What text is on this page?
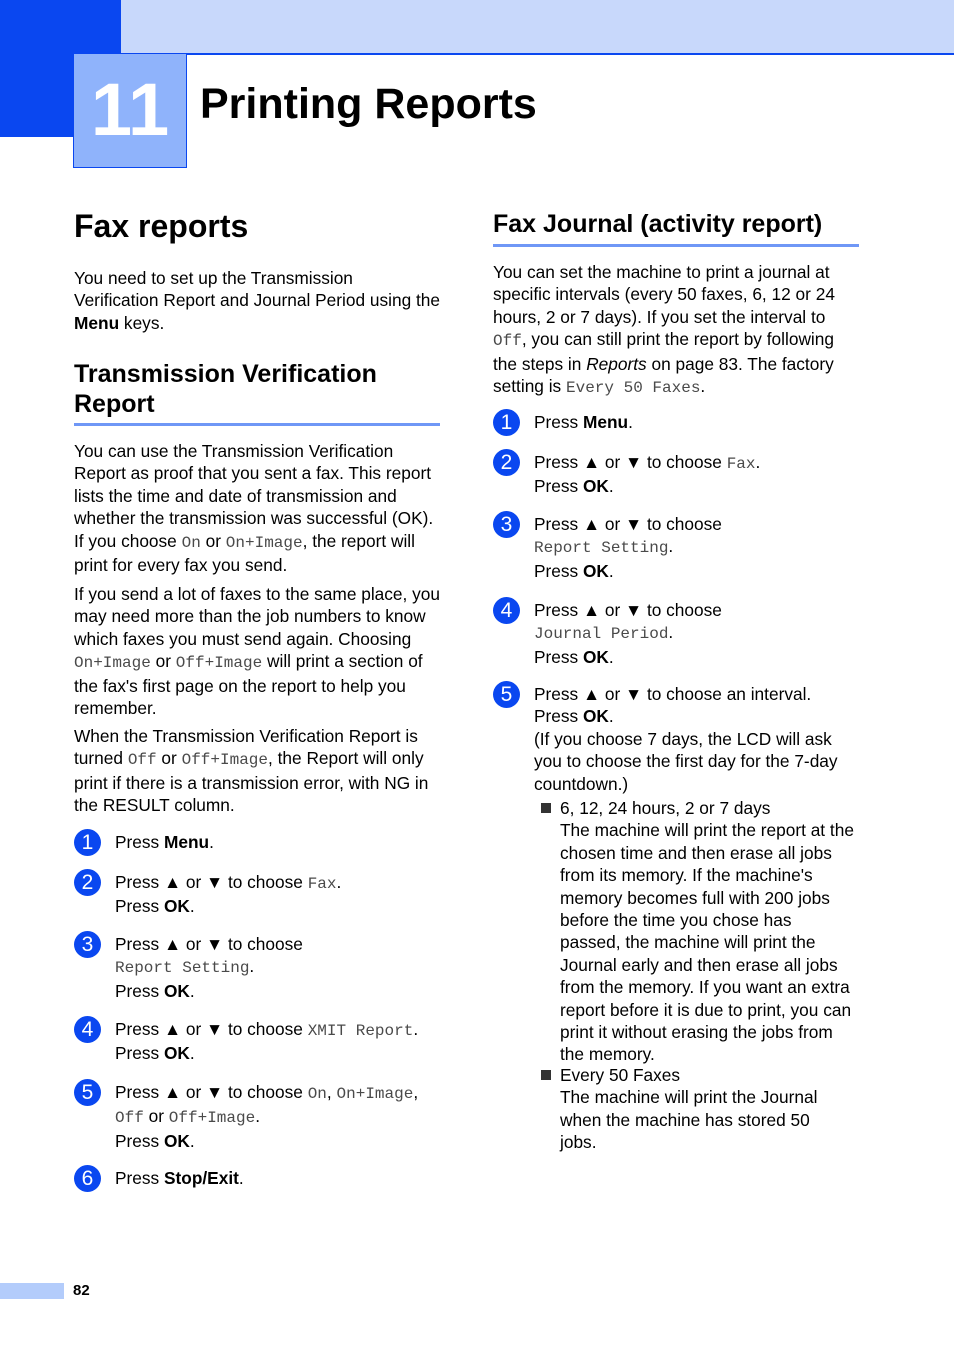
11 Printing Reports
Fax reports

You need to set up the Transmission Verification Report and Journal Period using the Menu keys.

Transmission Verification Report

You can use the Transmission Verification Report as proof that you sent a fax. This report lists the time and date of transmission and whether the transmission was successful (OK). If you choose On or On+Image, the report will print for every fax you send.

If you send a lot of faxes to the same place, you may need more than the job numbers to know which faxes you must send again. Choosing On+Image or Off+Image will print a section of the fax's first page on the report to help you remember.

When the Transmission Verification Report is turned Off or Off+Image, the Report will only print if there is a transmission error, with NG in the RESULT column.

1	Press Menu.
2	Press ▲ or ▼ to choose Fax.
Press OK.
3	Press ▲ or ▼ to choose
Report Setting.
Press OK.
4	Press ▲ or ▼ to choose XMIT Report.
Press OK.
5	Press ▲ or ▼ to choose On, On+Image,
Off or Off+Image.
Press OK.
6	Press Stop/Exit.
Fax Journal (activity report)

You can set the machine to print a journal at specific intervals (every 50 faxes, 6, 12 or 24 hours, 2 or 7 days). If you set the interval to Off, you can still print the report by following the steps in Reports on page 83. The factory setting is Every 50 Faxes.

1	Press Menu.
2	Press ▲ or ▼ to choose Fax.
Press OK.
3	Press ▲ or ▼ to choose
Report Setting.
Press OK.
4	Press ▲ or ▼ to choose
Journal Period.
Press OK.
5	Press ▲ or ▼ to choose an interval.
Press OK.
(If you choose 7 days, the LCD will ask you to choose the first day for the 7-day countdown.)
6, 12, 24 hours, 2 or 7 days
The machine will print the report at the chosen time and then erase all jobs from its memory. If the machine's memory becomes full with 200 jobs before the time you chose has passed, the machine will print the Journal early and then erase all jobs from the memory. If you want an extra report before it is due to print, you can print it without erasing the jobs from the memory.
Every 50 Faxes
The machine will print the Journal when the machine has stored 50 jobs.
82
